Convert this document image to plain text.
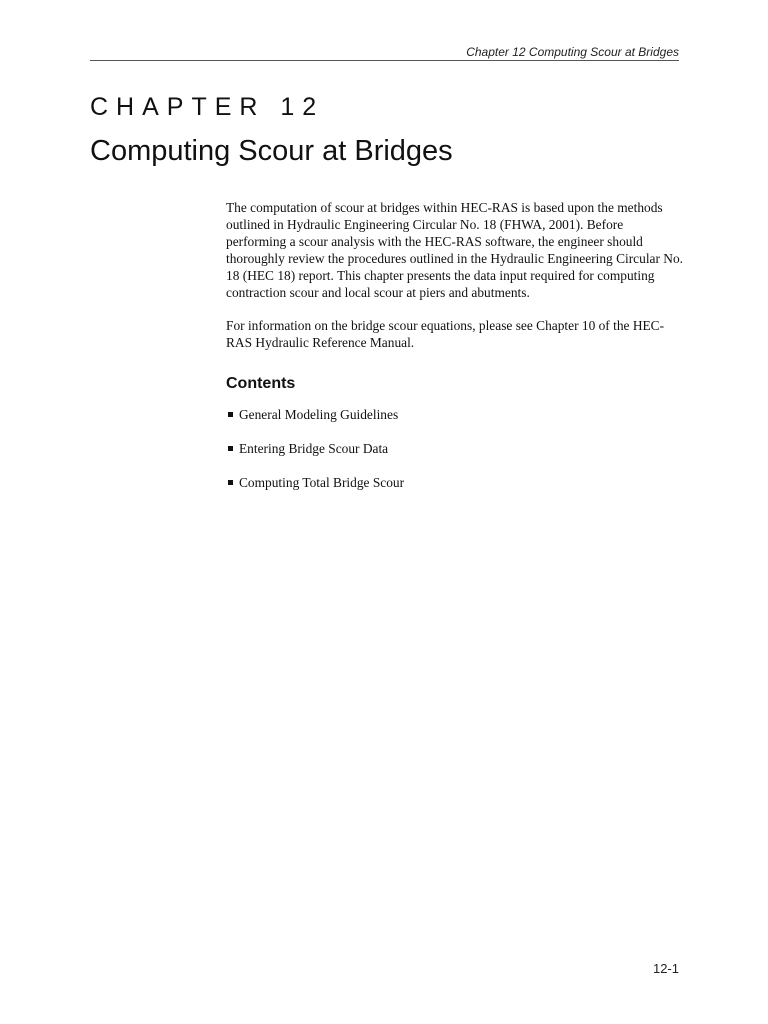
Chapter 12 Computing Scour at Bridges
CHAPTER 12
Computing Scour at Bridges

The computation of scour at bridges within HEC-RAS is based upon the methods outlined in Hydraulic Engineering Circular No. 18 (FHWA, 2001). Before performing a scour analysis with the HEC-RAS software, the engineer should thoroughly review the procedures outlined in the Hydraulic Engineering Circular No. 18 (HEC 18) report. This chapter presents the data input required for computing contraction scour and local scour at piers and abutments.

For information on the bridge scour equations, please see Chapter 10 of the HEC-RAS Hydraulic Reference Manual.

Contents
General Modeling Guidelines
Entering Bridge Scour Data
Computing Total Bridge Scour
12-1
